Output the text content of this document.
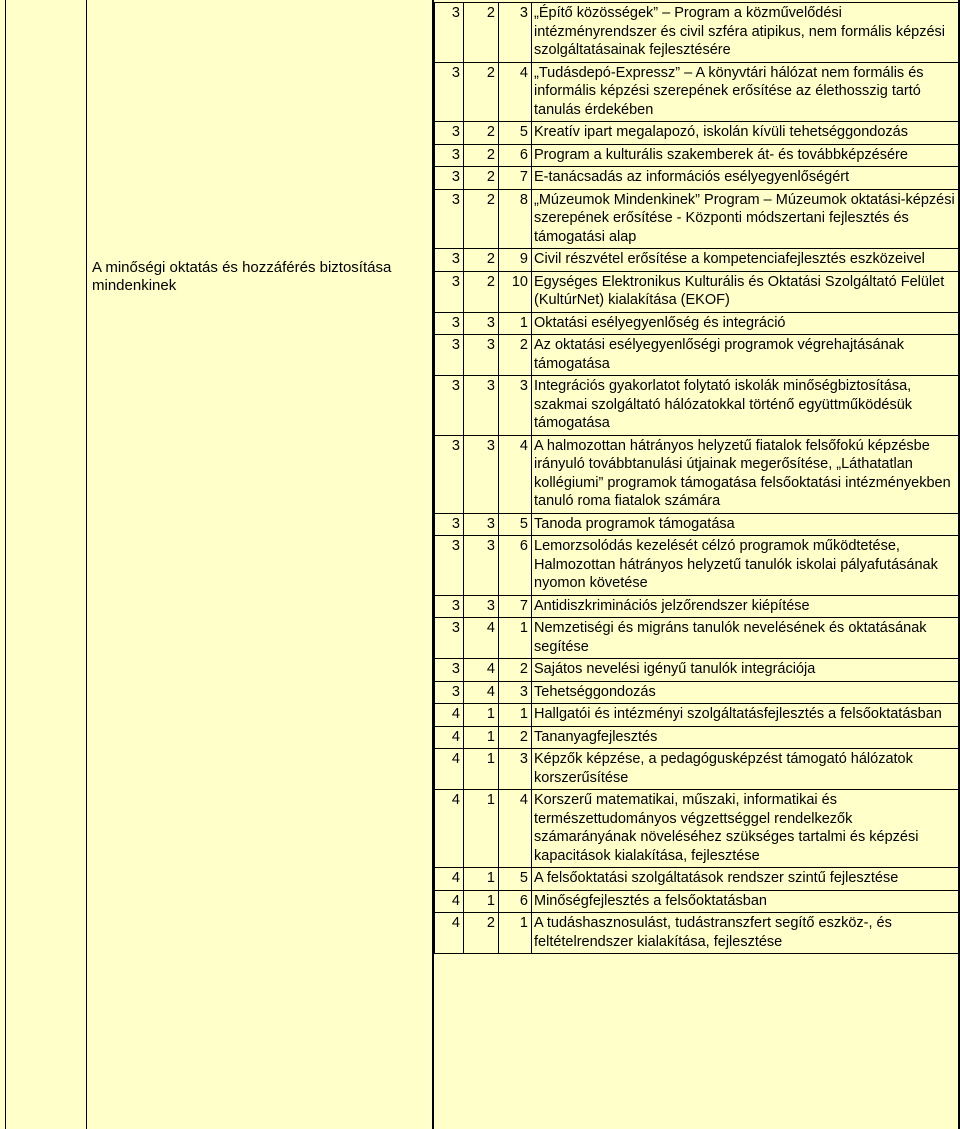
A minőségi oktatás és hozzáférés biztosítása mindenkinek
3	2	3	„Építő közösségek” – Program a közművelődési intézményrendszer és civil szféra atipikus, nem formális képzési szolgáltatásainak fejlesztésére
3	2	4	„Tudásdepó-Expressz” – A könyvtári hálózat nem formális és informális képzési szerepének erősítése az élethosszig tartó tanulás érdekében
3	2	5	Kreatív ipart megalapozó, iskolán kívüli tehetséggondozás
3	2	6	Program a kulturális szakemberek át- és továbbképzésére
3	2	7	E-tanácsadás az információs esélyegyenlőségért
3	2	8	„Múzeumok Mindenkinek” Program – Múzeumok oktatási-képzési szerepének erősítése - Központi módszertani fejlesztés és támogatási alap
3	2	9	Civil részvétel erősítése a kompetenciafejlesztés eszközeivel
3	2	10	Egységes Elektronikus Kulturális és Oktatási Szolgáltató Felület (KultúrNet) kialakítása (EKOF)
3	3	1	Oktatási esélyegyenlőség és integráció
3	3	2	Az oktatási esélyegyenlőségi programok végrehajtásának támogatása
3	3	3	Integrációs gyakorlatot folytató iskolák minőségbiztosítása, szakmai szolgáltató hálózatokkal történő együttműködésük támogatása
3	3	4	A halmozottan hátrányos helyzetű fiatalok felsőfokú képzésbe irányuló továbbtanulási útjainak megerősítése, „Láthatatlan kollégiumi” programok támogatása felsőoktatási intézményekben tanuló roma fiatalok számára
3	3	5	Tanoda programok támogatása
3	3	6	Lemorzsolódás kezelését célzó programok működtetése, Halmozottan hátrányos helyzetű tanulók iskolai pályafutásának nyomon követése
3	3	7	Antidiszkriminációs jelzőrendszer kiépítése
3	4	1	Nemzetiségi és migráns tanulók nevelésének és oktatásának segítése
3	4	2	Sajátos nevelési igényű tanulók integrációja
3	4	3	Tehetséggondozás
4	1	1	Hallgatói és intézményi szolgáltatásfejlesztés a felsőoktatásban
4	1	2	Tananyagfejlesztés
4	1	3	Képzők képzése, a pedagógusképzést támogató hálózatok korszerűsítése
4	1	4	Korszerű matematikai, műszaki, informatikai és természettudományos végzettséggel rendelkezők számarányának növeléséhez szükséges tartalmi és képzési kapacitások kialakítása, fejlesztése
4	1	5	A felsőoktatási szolgáltatások rendszer szintű fejlesztése
4	1	6	Minőségfejlesztés a felsőoktatásban
4	2	1	A tudáshasznosulást, tudástranszfert segítő eszköz-, és feltételrendszer kialakítása, fejlesztése
